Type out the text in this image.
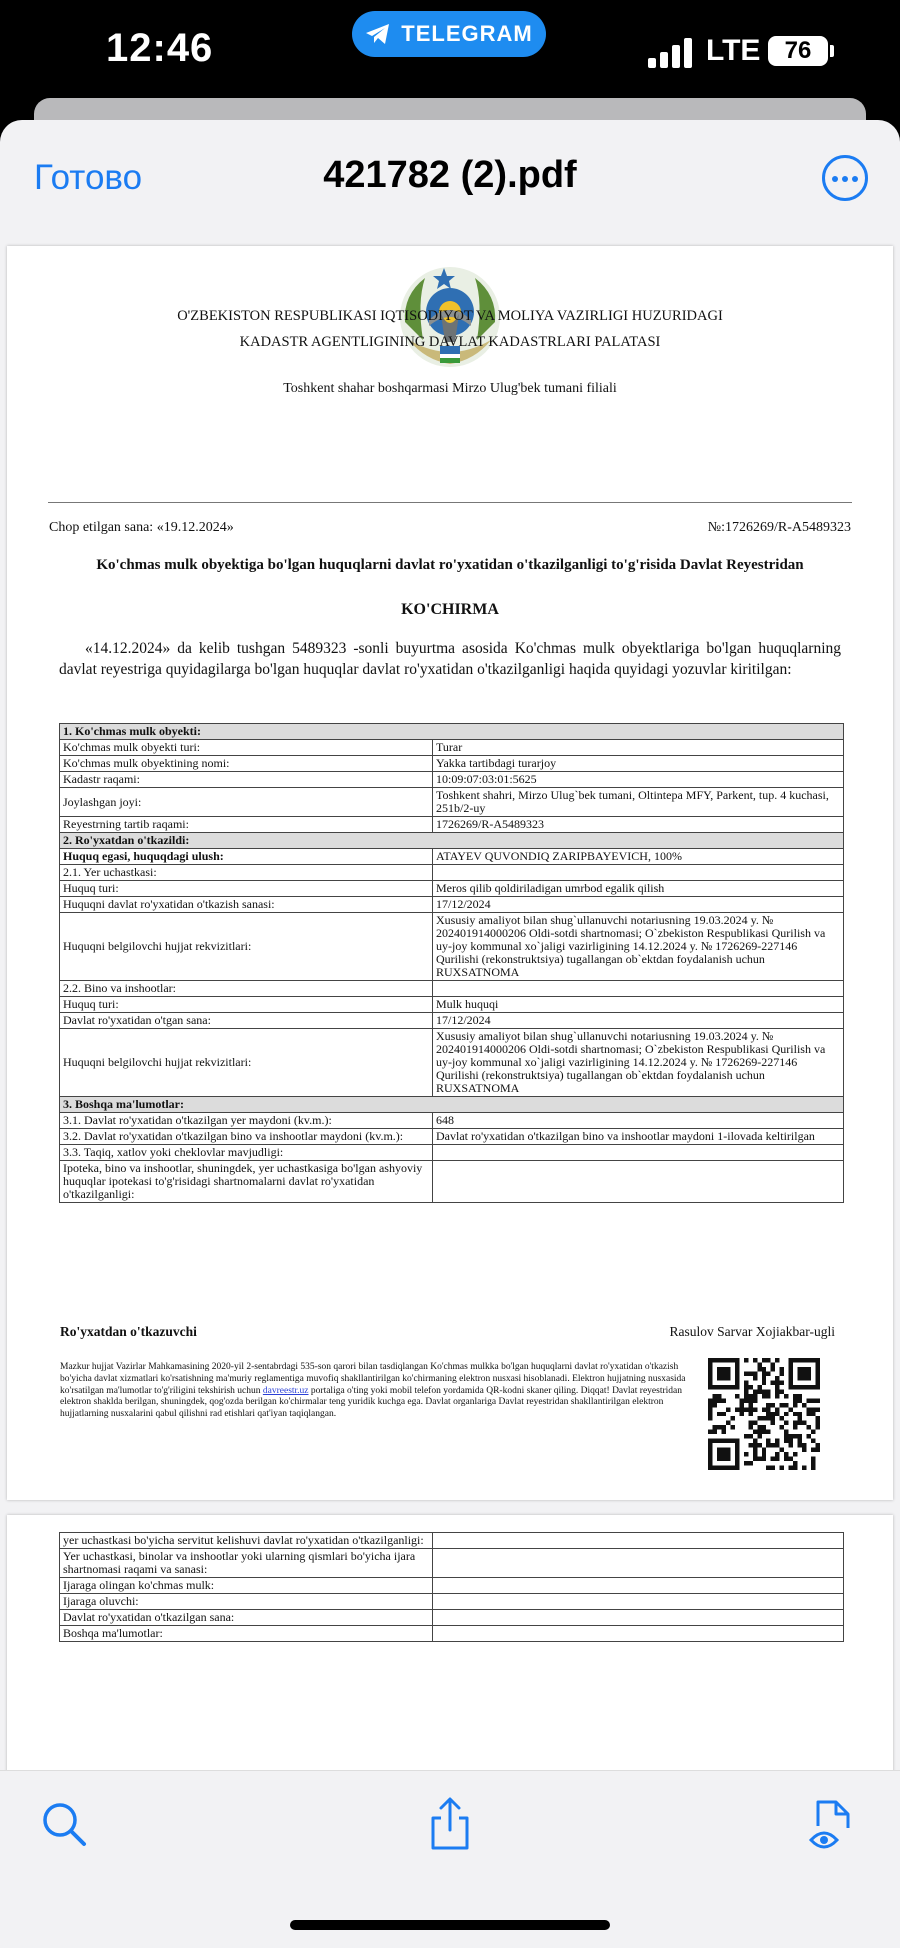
12:46	TELEGRAM
LTE 76
Готово	421782 (2).pdf
O'ZBEKISTON RESPUBLIKASI IQTISODIYOT VA MOLIYA VAZIRLIGI HUZURIDAGI
KADASTR AGENTLIGINING DAVLAT KADASTRLARI PALATASI
Toshkent shahar boshqarmasi Mirzo Ulug'bek tumani filiali
Chop etilgan sana: «19.12.2024»	№:1726269/R-A5489323
Ko'chmas mulk obyektiga bo'lgan huquqlarni davlat ro'yxatidan o'tkazilganligi to'g'risida Davlat Reyestridan
KO'CHIRMA
«14.12.2024» da kelib tushgan 5489323 -sonli buyurtma asosida Ko'chmas mulk obyektlariga bo'lgan huquqlarning davlat reyestriga quyidagilarga bo'lgan huquqlar davlat ro'yxatidan o'tkazilganligi haqida quyidagi yozuvlar kiritilgan:
1. Ko'chmas mulk obyekti:	
Ko'chmas mulk obyekti turi:	Turar
Ko'chmas mulk obyektining nomi:	Yakka tartibdagi turarjoy
Kadastr raqami:	10:09:07:03:01:5625
Joylashgan joyi:	Toshkent shahri, Mirzo Ulug`bek tumani, Oltintepa MFY, Parkent, tup. 4 kuchasi, 251b/2-uy
Reyestrning tartib raqami:	1726269/R-A5489323
2. Ro'yxatdan o'tkazildi:	
Huquq egasi, huquqdagi ulush:	ATAYEV QUVONDIQ ZARIPBAYEVICH, 100%
2.1. Yer uchastkasi:	
Huquq turi:	Meros qilib qoldiriladigan umrbod egalik qilish
Huquqni davlat ro'yxatidan o'tkazish sanasi:	17/12/2024
Huquqni belgilovchi hujjat rekvizitlari:	Xususiy amaliyot bilan shug`ullanuvchi notariusning 19.03.2024 y. № 202401914000206 Oldi-sotdi shartnomasi; O`zbekiston Respublikasi Qurilish va uy-joy kommunal xo`jaligi vazirligining 14.12.2024 y. № 1726269-227146 Qurilishi (rekonstruktsiya) tugallangan ob`ektdan foydalanish uchun RUXSATNOMA
2.2. Bino va inshootlar:	
Huquq turi:	Mulk huquqi
Davlat ro'yxatidan o'tgan sana:	17/12/2024
Huquqni belgilovchi hujjat rekvizitlari:	Xususiy amaliyot bilan shug`ullanuvchi notariusning 19.03.2024 y. № 202401914000206 Oldi-sotdi shartnomasi; O`zbekiston Respublikasi Qurilish va uy-joy kommunal xo`jaligi vazirligining 14.12.2024 y. № 1726269-227146 Qurilishi (rekonstruktsiya) tugallangan ob`ektdan foydalanish uchun RUXSATNOMA
3. Boshqa ma'lumotlar:	
3.1. Davlat ro'yxatidan o'tkazilgan yer maydoni (kv.m.):	648
3.2. Davlat ro'yxatidan o'tkazilgan bino va inshootlar maydoni (kv.m.):	Davlat ro'yxatidan o'tkazilgan bino va inshootlar maydoni 1-ilovada keltirilgan
3.3. Taqiq, xatlov yoki cheklovlar mavjudligi:	
Ipoteka, bino va inshootlar, shuningdek, yer uchastkasiga bo'lgan ashyoviy huquqlar ipotekasi to'g'risidagi shartnomalarni davlat ro'yxatidan o'tkazilganligi:	
Ro'yxatdan o'tkazuvchi	Rasulov Sarvar Xojiakbar-ugli
Mazkur hujjat Vazirlar Mahkamasining 2020-yil 2-sentabrdagi 535-son qarori bilan tasdiqlangan Ko'chmas mulkka bo'lgan huquqlarni davlat ro'yxatidan o'tkazish bo'yicha davlat xizmatlari ko'rsatishning ma'muriy reglamentiga muvofiq shakllantirilgan ko'chirmaning elektron nusxasi hisoblanadi. Elektron hujjatning nusxasida ko'rsatilgan ma'lumotlar to'g'riligini tekshirish uchun davreestr.uz portaliga o'ting yoki mobil telefon yordamida QR-kodni skaner qiling. Diqqat! Davlat reyestridan elektron shaklda berilgan, shuningdek, qog'ozda berilgan ko'chirmalar teng yuridik kuchga ega. Davlat organlariga Davlat reyestridan shakllantirilgan elektron hujjatlarning nusxalarini qabul qilishni rad etishlari qat'iyan taqiqlangan.
yer uchastkasi bo'yicha servitut kelishuvi davlat ro'yxatidan o'tkazilganligi:	
Yer uchastkasi, binolar va inshootlar yoki ularning qismlari bo'yicha ijara shartnomasi raqami va sanasi:	
Ijaraga olingan ko'chmas mulk:	
Ijaraga oluvchi:	
Davlat ro'yxatidan o'tkazilgan sana:	
Boshqa ma'lumotlar:	
